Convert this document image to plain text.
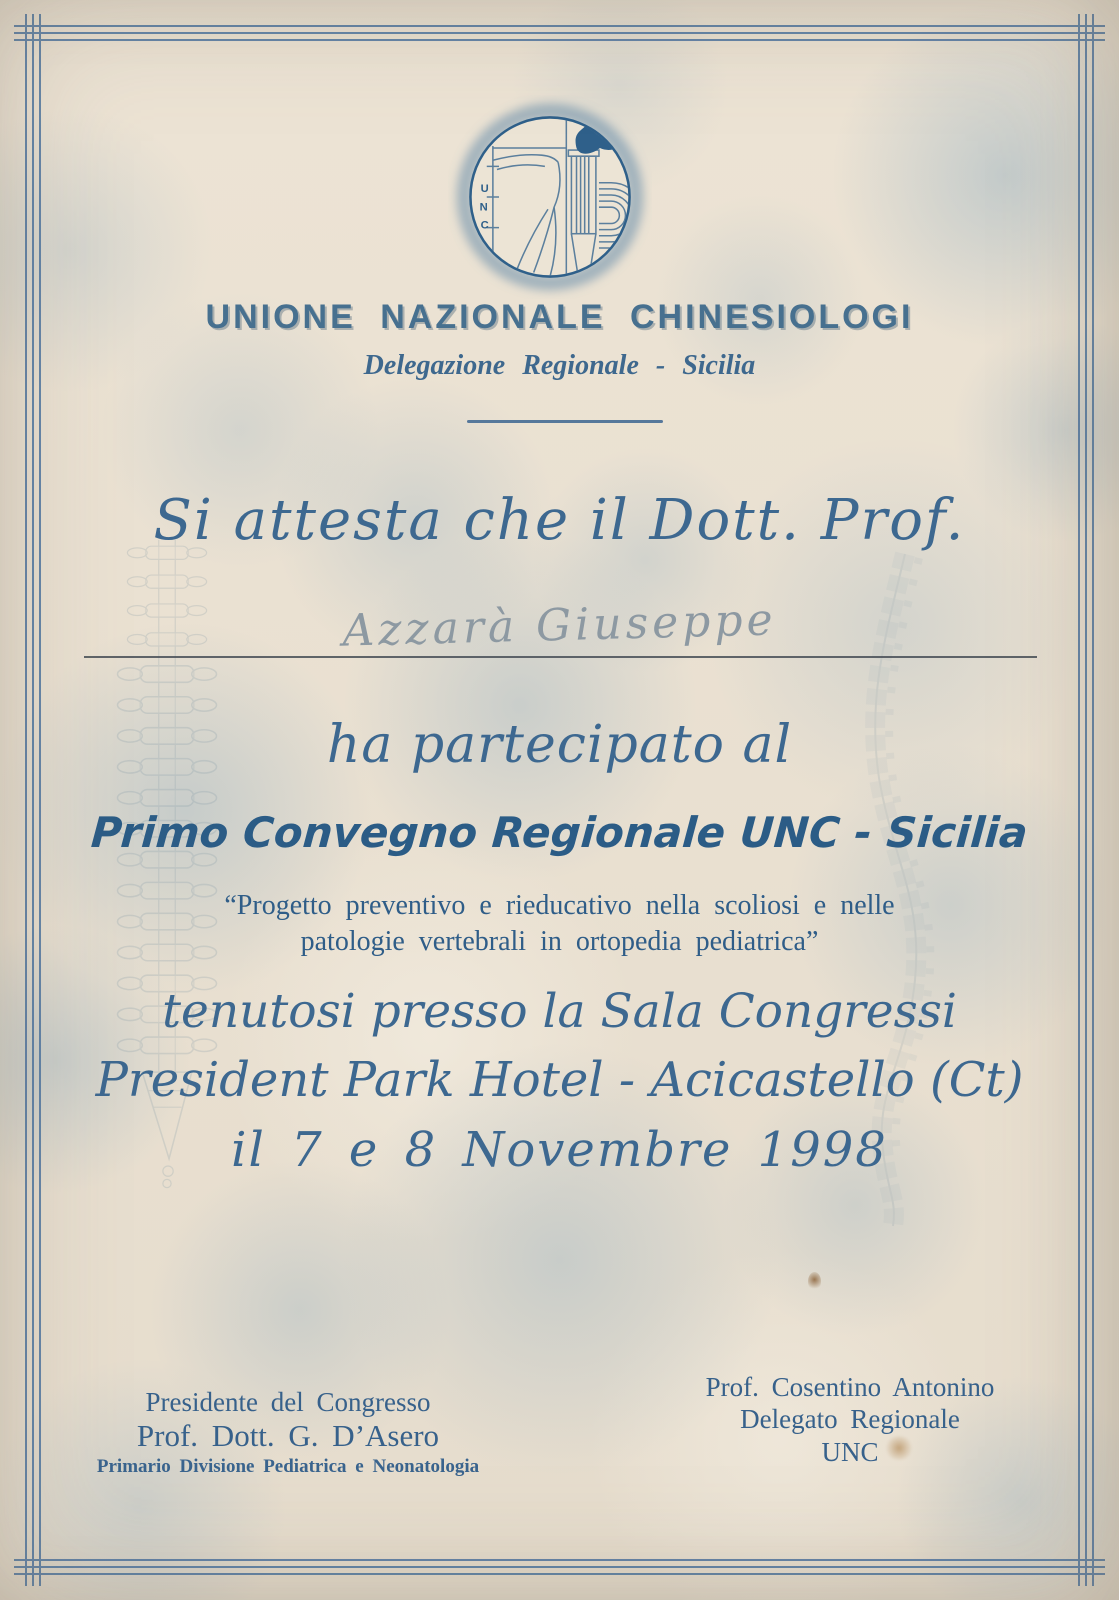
U
N
C
UNIONE NAZIONALE CHINESIOLOGI
Delegazione Regionale - Sicilia
Si attesta che il Dott. Prof.
Azzarà Giuseppe
ha partecipato al
Primo Convegno Regionale UNC - Sicilia
“Progetto preventivo e rieducativo nella scoliosi e nelle
patologie vertebrali in ortopedia pediatrica”
tenutosi presso la Sala Congressi
President Park Hotel - Acicastello (Ct)
il 7 e 8 Novembre 1998
Presidente del Congresso
Prof. Dott. G. D’Asero
Primario Divisione Pediatrica e Neonatologia
Prof. Cosentino Antonino
Delegato Regionale
UNC
